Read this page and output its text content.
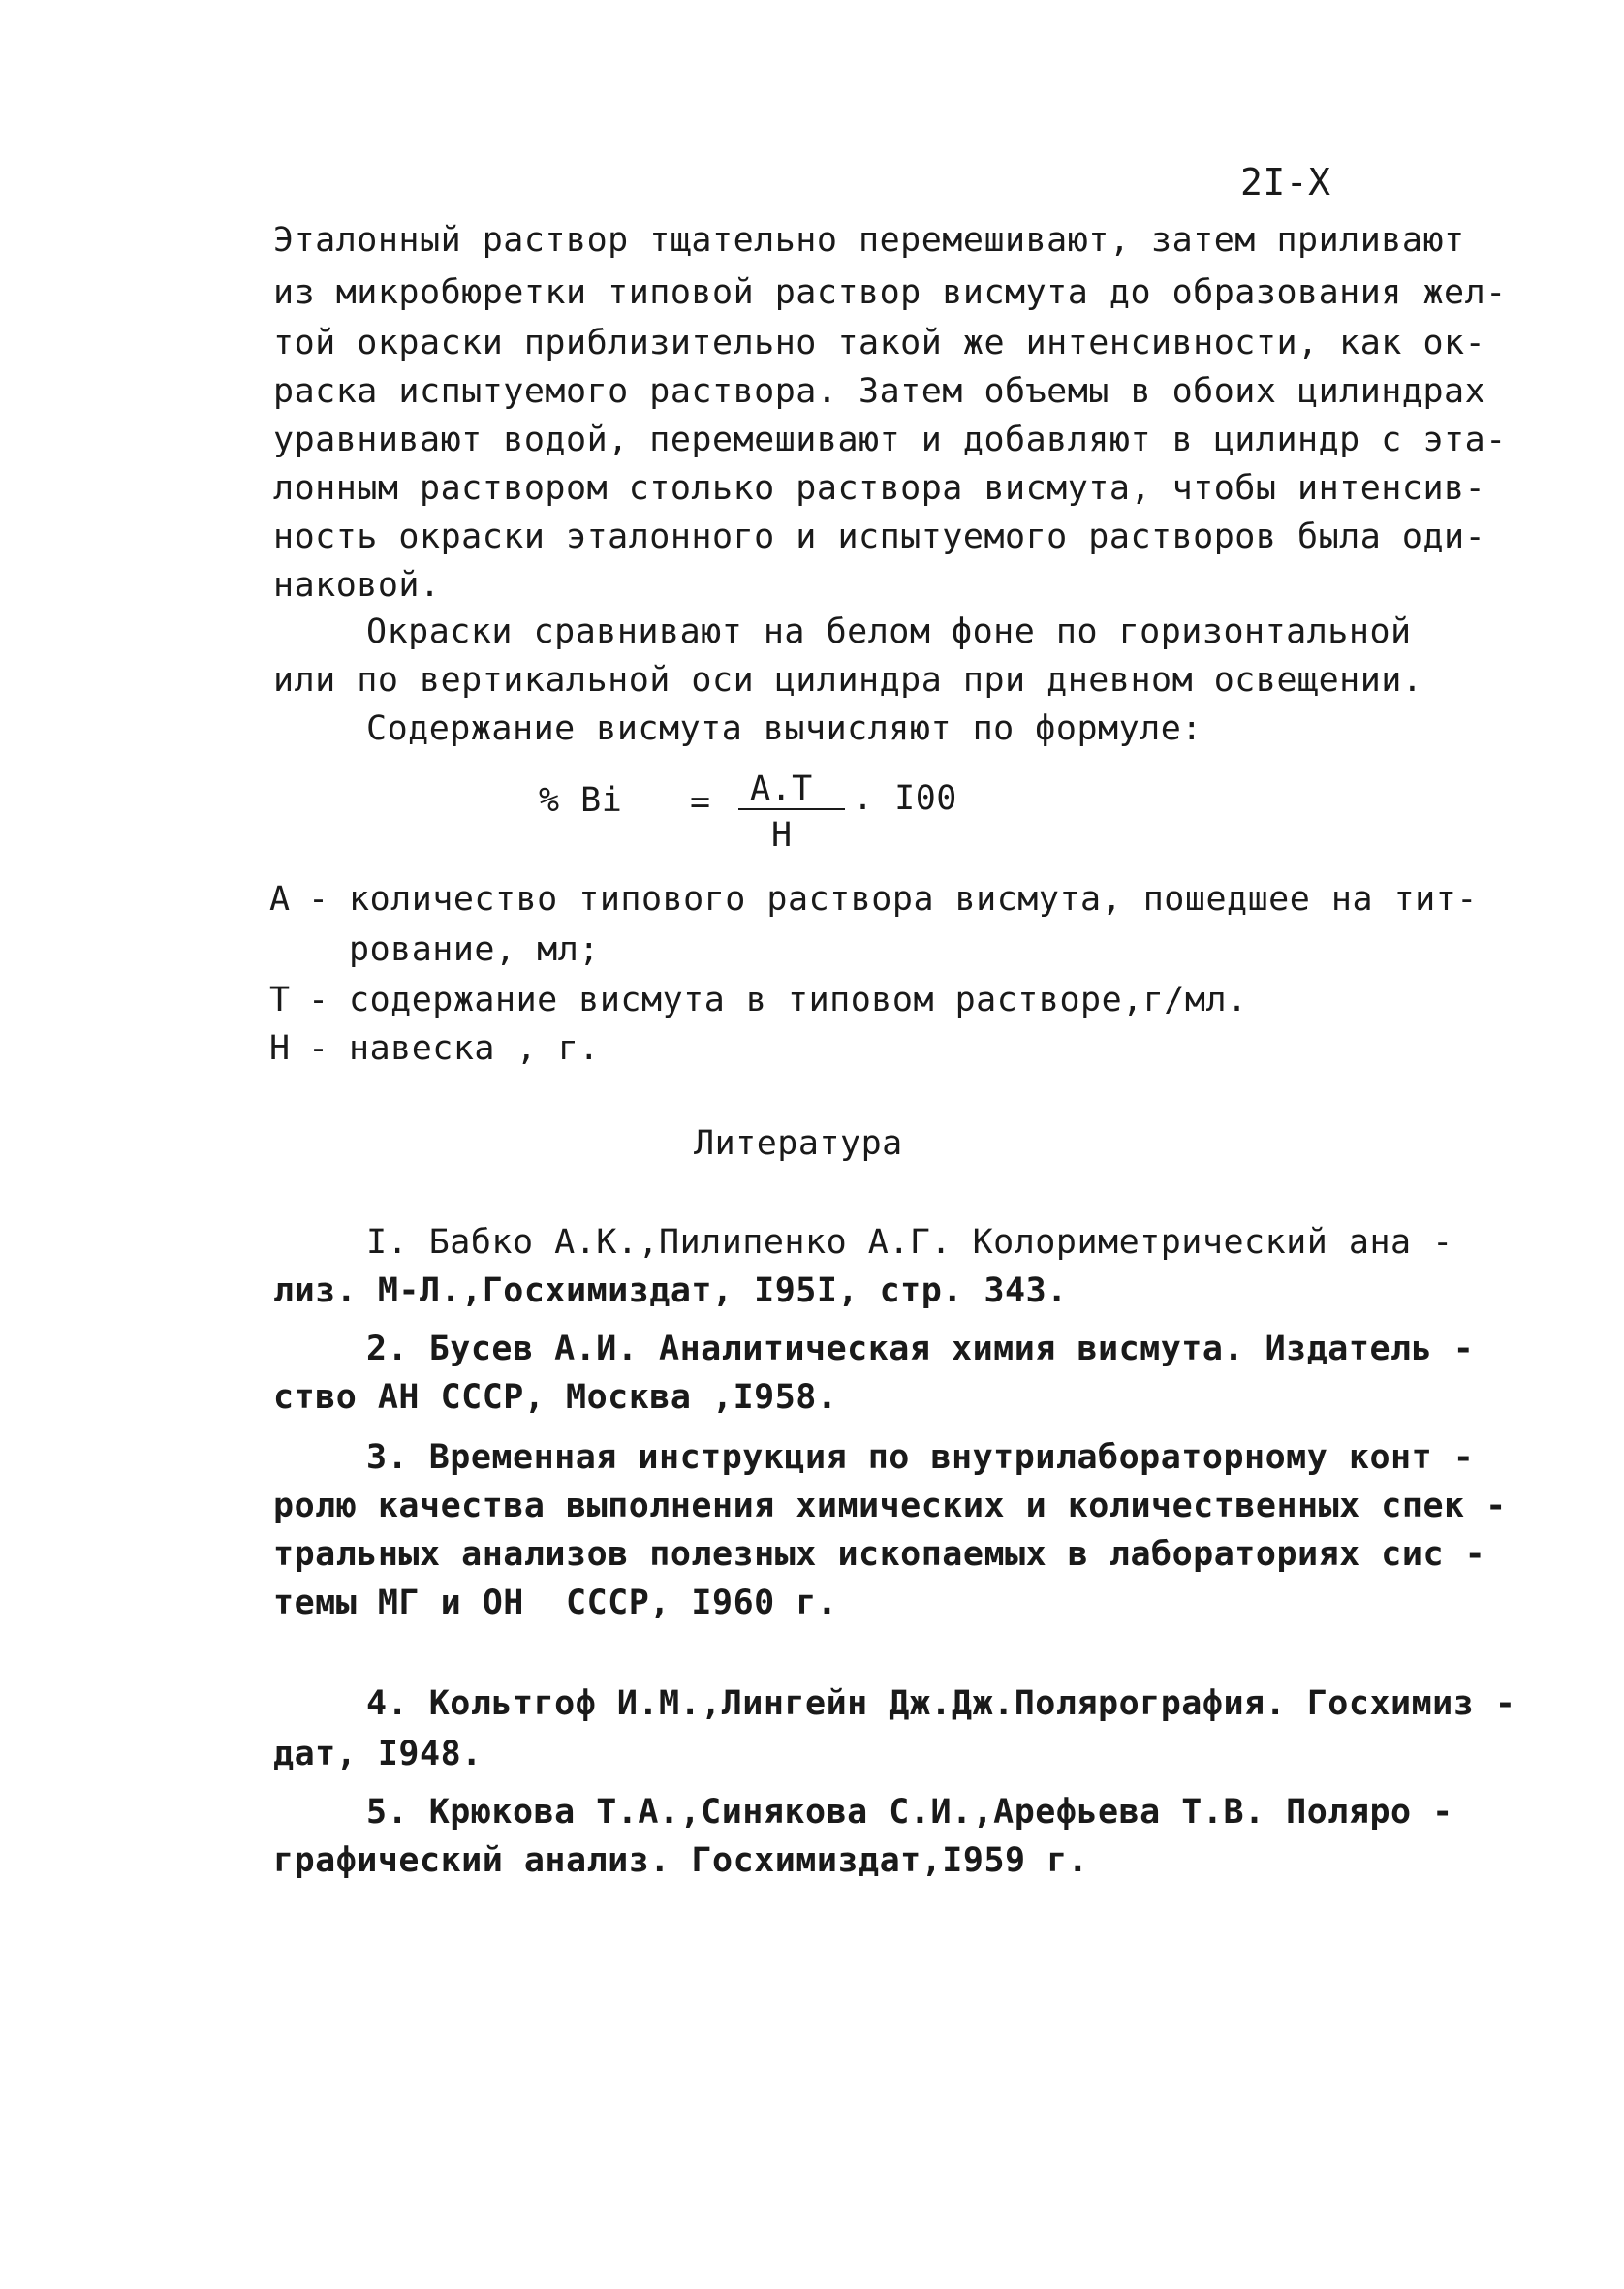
2I-X
Эталонный раствор тщательно перемешивают, затем приливают
из микробюретки типовой раствор висмута до образования жел-
той окраски приблизительно такой же интенсивности, как ок-
раска испытуемого раствора. Затем объемы в обоих цилиндрах
уравнивают водой, перемешивают и добавляют в цилиндр с эта-
лонным раствором столько раствора висмута, чтобы интенсив-
ность окраски эталонного и испытуемого растворов была оди-
наковой.
Окраски сравнивают на белом фоне по горизонтальной
или по вертикальной оси цилиндра при дневном освещении.
Содержание висмута вычисляют по формуле:
% Bi = А.Т
Н
. I00
А - количество типового раствора висмута, пошедшее на тит-
рование, мл;
Т - содержание висмута в типовом растворе,г/мл.
Н - навеска , г.
Литература
I. Бабко А.К.,Пилипенко А.Г. Колориметрический ана -
лиз. М-Л.,Госхимиздат, I95I, стр. 343.
2. Бусев А.И. Аналитическая химия висмута. Издатель -
ство АН СССР, Москва ,I958.
3. Временная инструкция по внутрилабораторному конт -
ролю качества выполнения химических и количественных спек -
тральных анализов полезных ископаемых в лабораториях сис -
темы МГ и ОН  СССР, I960 г.
4. Кольтгоф И.М.,Лингейн Дж.Дж.Полярография. Госхимиз -
дат, I948.
5. Крюкова Т.А.,Синякова С.И.,Арефьева Т.В. Поляро -
графический анализ. Госхимиздат,I959 г.
